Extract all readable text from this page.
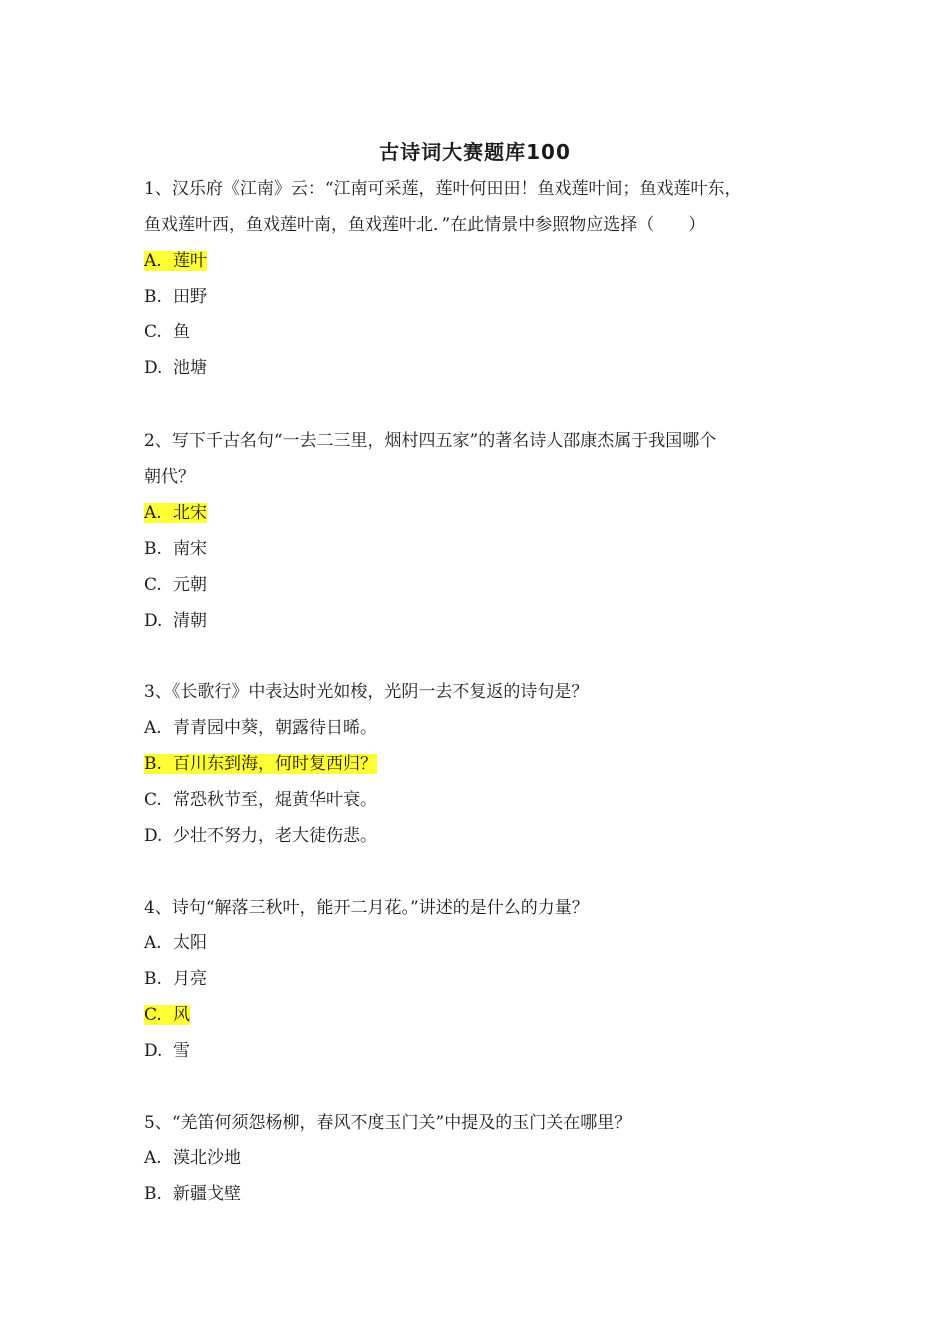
古诗词大赛题库100
1、汉乐府《江南》云：“江南可采莲，莲叶何田田！鱼戏莲叶间；鱼戏莲叶东，
鱼戏莲叶西，鱼戏莲叶南，鱼戏莲叶北．”在此情景中参照物应选择（　　）
A. 莲叶
B. 田野
C. 鱼
D. 池塘
2、写下千古名句“一去二三里，烟村四五家”的著名诗人邵康杰属于我国哪个
朝代？
A. 北宋
B. 南宋
C. 元朝
D. 清朝
3、《长歌行》中表达时光如梭，光阴一去不复返的诗句是？
A. 青青园中葵，朝露待日晞。
B. 百川东到海，何时复西归？
C. 常恐秋节至，焜黄华叶衰。
D. 少壮不努力，老大徒伤悲。
4、诗句“解落三秋叶，能开二月花。”讲述的是什么的力量？
A. 太阳
B. 月亮
C. 风
D. 雪
5、“羌笛何须怨杨柳，春风不度玉门关”中提及的玉门关在哪里？
A. 漠北沙地
B. 新疆戈壁
